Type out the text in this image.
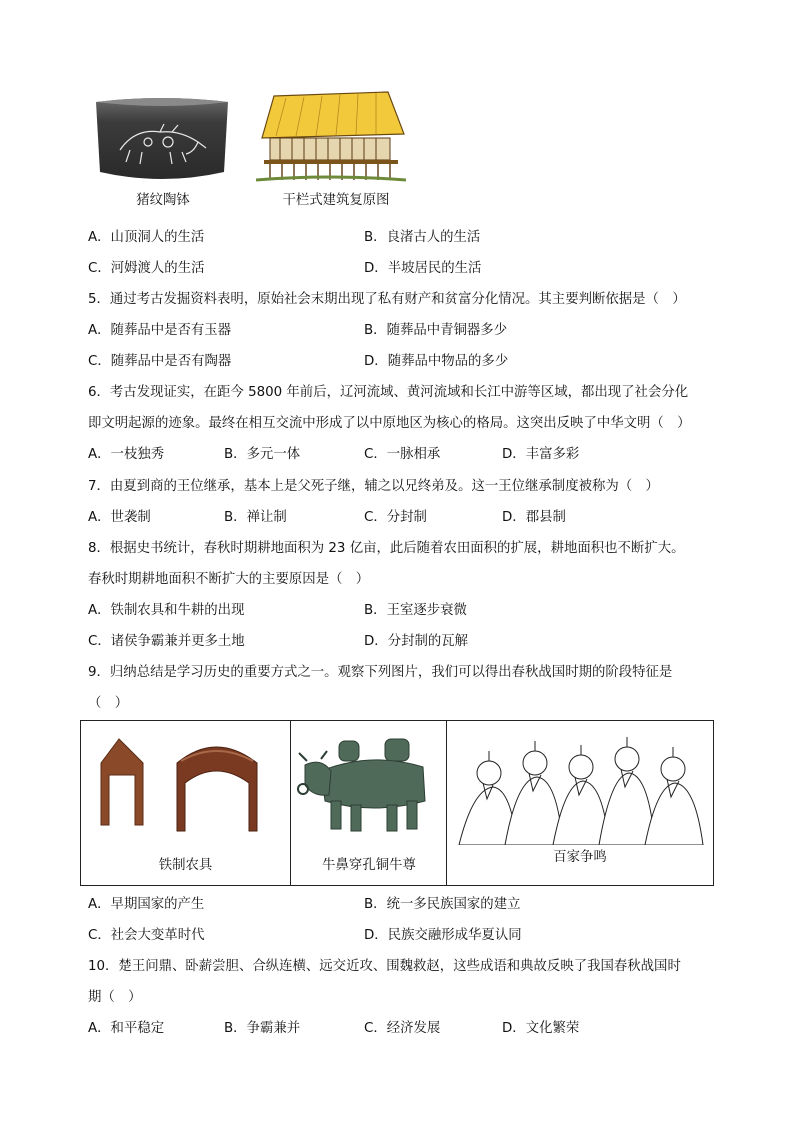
猪纹陶钵	干栏式建筑复原图
A．山顶洞人的生活	B．良渚古人的生活
C．河姆渡人的生活	D．半坡居民的生活
5．通过考古发掘资料表明，原始社会末期出现了私有财产和贫富分化情况。其主要判断依据是（　）
A．随葬品中是否有玉器	B．随葬品中青铜器多少
C．随葬品中是否有陶器	D．随葬品中物品的多少
6．考古发现证实，在距今 5800 年前后，辽河流域、黄河流域和长江中游等区域，都出现了社会分化
即文明起源的迹象。最终在相互交流中形成了以中原地区为核心的格局。这突出反映了中华文明（　）
A．一枝独秀	B．多元一体	C．一脉相承	D．丰富多彩
7．由夏到商的王位继承，基本上是父死子继，辅之以兄终弟及。这一王位继承制度被称为（　）
A．世袭制	B．禅让制	C．分封制	D．郡县制
8．根据史书统计，春秋时期耕地面积为 23 亿亩，此后随着农田面积的扩展，耕地面积也不断扩大。
春秋时期耕地面积不断扩大的主要原因是（　）
A．铁制农具和牛耕的出现	B．王室逐步衰微
C．诸侯争霸兼并更多土地	D．分封制的瓦解
9．归纳总结是学习历史的重要方式之一。观察下列图片，我们可以得出春秋战国时期的阶段特征是
（　）
铁制农具	牛鼻穿孔铜牛尊
百家争鸣
A．早期国家的产生	B．统一多民族国家的建立
C．社会大变革时代	D．民族交融形成华夏认同
10．楚王问鼎、卧薪尝胆、合纵连横、远交近攻、围魏救赵，这些成语和典故反映了我国春秋战国时
期（　）
A．和平稳定	B．争霸兼并	C．经济发展	D．文化繁荣
